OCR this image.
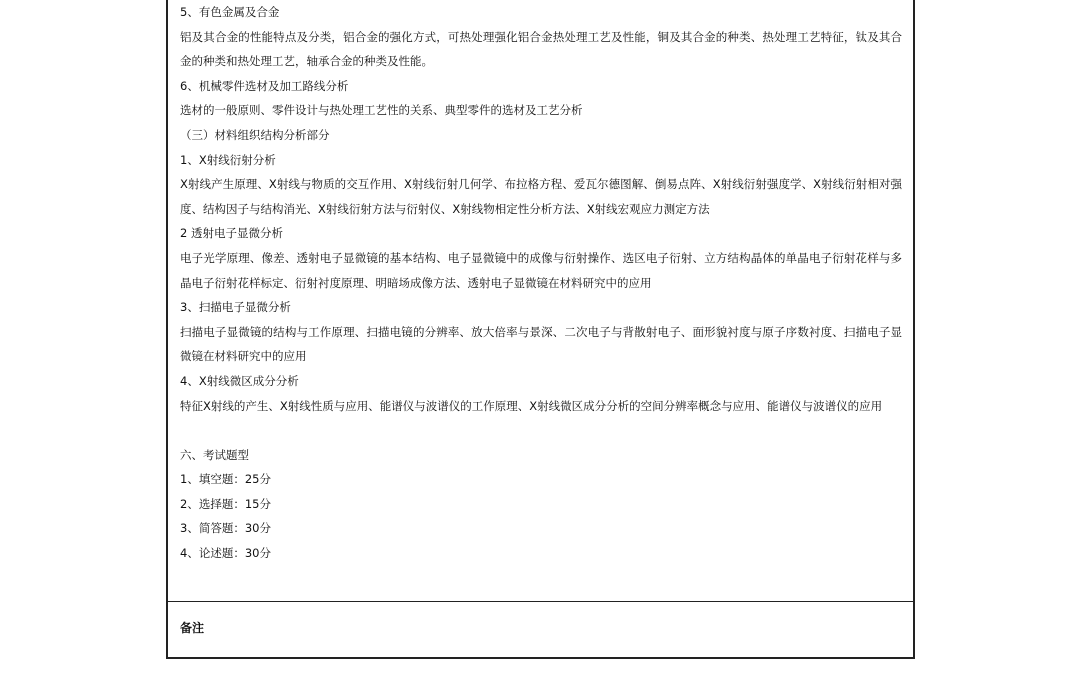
5、有色金属及合金
铝及其合金的性能特点及分类，铝合金的强化方式，可热处理强化铝合金热处理工艺及性能，铜及其合金的种类、热处理工艺特征，钛及其合金的种类和热处理工艺，轴承合金的种类及性能。
6、机械零件选材及加工路线分析
选材的一般原则、零件设计与热处理工艺性的关系、典型零件的选材及工艺分析
（三）材料组织结构分析部分
1、X射线衍射分析
X射线产生原理、X射线与物质的交互作用、X射线衍射几何学、布拉格方程、爱瓦尔德图解、倒易点阵、X射线衍射强度学、X射线衍射相对强度、结构因子与结构消光、X射线衍射方法与衍射仪、X射线物相定性分析方法、X射线宏观应力测定方法
2 透射电子显微分析
电子光学原理、像差、透射电子显微镜的基本结构、电子显微镜中的成像与衍射操作、选区电子衍射、立方结构晶体的单晶电子衍射花样与多晶电子衍射花样标定、衍射衬度原理、明暗场成像方法、透射电子显微镜在材料研究中的应用
3、扫描电子显微分析
扫描电子显微镜的结构与工作原理、扫描电镜的分辨率、放大倍率与景深、二次电子与背散射电子、面形貌衬度与原子序数衬度、扫描电子显微镜在材料研究中的应用
4、X射线微区成分分析
特征X射线的产生、X射线性质与应用、能谱仪与波谱仪的工作原理、X射线微区成分分析的空间分辨率概念与应用、能谱仪与波谱仪的应用
六、考试题型
1、填空题：25分
2、选择题：15分
3、简答题：30分
4、论述题：30分
备注
